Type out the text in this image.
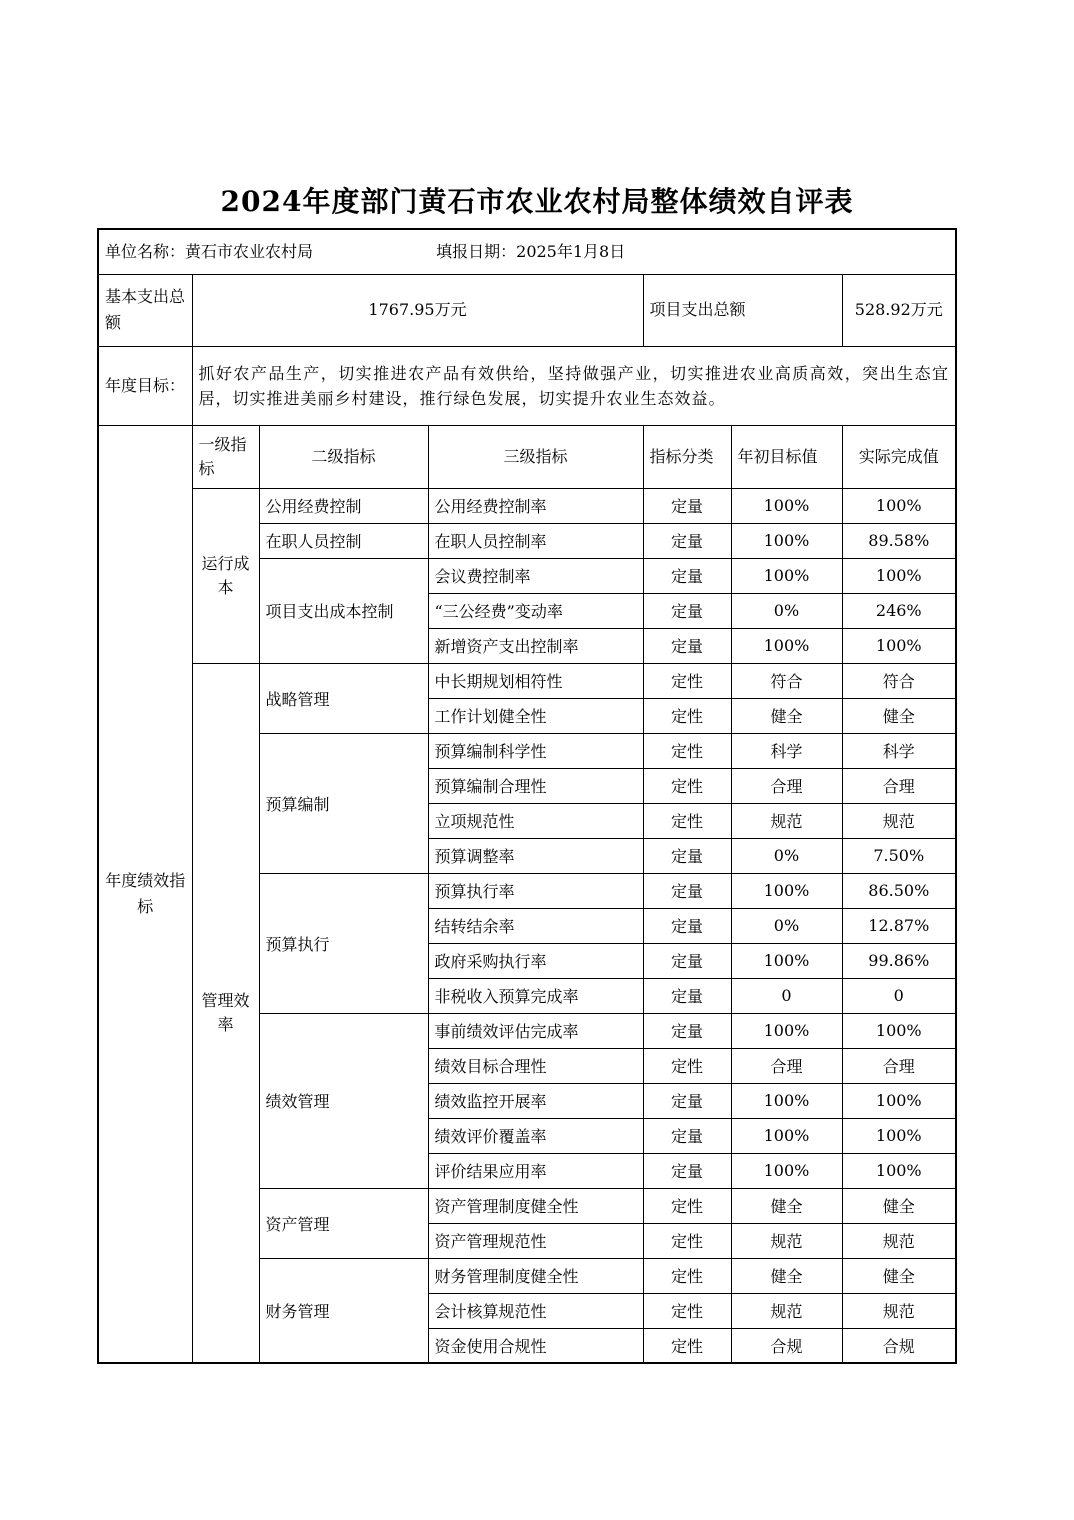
2024年度部门黄石市农业农村局整体绩效自评表
单位名称：黄石市农业农村局 填报日期：2025年1月8日						
基本支出总额	1767.95万元			项目支出总额		528.92万元
年度目标：	抓好农产品生产，切实推进农产品有效供给，坚持做强产业，切实推进农业高质高效，突出生态宜居，切实推进美丽乡村建设，推行绿色发展，切实提升农业生态效益。					
年度绩效指标	一级指标	二级指标	三级指标	指标分类	年初目标值	实际完成值
	运行成本	公用经费控制	公用经费控制率	定量	100%	100%
		在职人员控制	在职人员控制率	定量	100%	89.58%
		项目支出成本控制	会议费控制率	定量	100%	100%
			“三公经费”变动率	定量	0%	246%
			新增资产支出控制率	定量	100%	100%
	管理效率	战略管理	中长期规划相符性	定性	符合	符合
			工作计划健全性	定性	健全	健全
		预算编制	预算编制科学性	定性	科学	科学
			预算编制合理性	定性	合理	合理
			立项规范性	定性	规范	规范
			预算调整率	定量	0%	7.50%
		预算执行	预算执行率	定量	100%	86.50%
			结转结余率	定量	0%	12.87%
			政府采购执行率	定量	100%	99.86%
			非税收入预算完成率	定量	0	0
		绩效管理	事前绩效评估完成率	定量	100%	100%
			绩效目标合理性	定性	合理	合理
			绩效监控开展率	定量	100%	100%
			绩效评价覆盖率	定量	100%	100%
			评价结果应用率	定量	100%	100%
		资产管理	资产管理制度健全性	定性	健全	健全
			资产管理规范性	定性	规范	规范
		财务管理	财务管理制度健全性	定性	健全	健全
			会计核算规范性	定性	规范	规范
			资金使用合规性	定性	合规	合规
